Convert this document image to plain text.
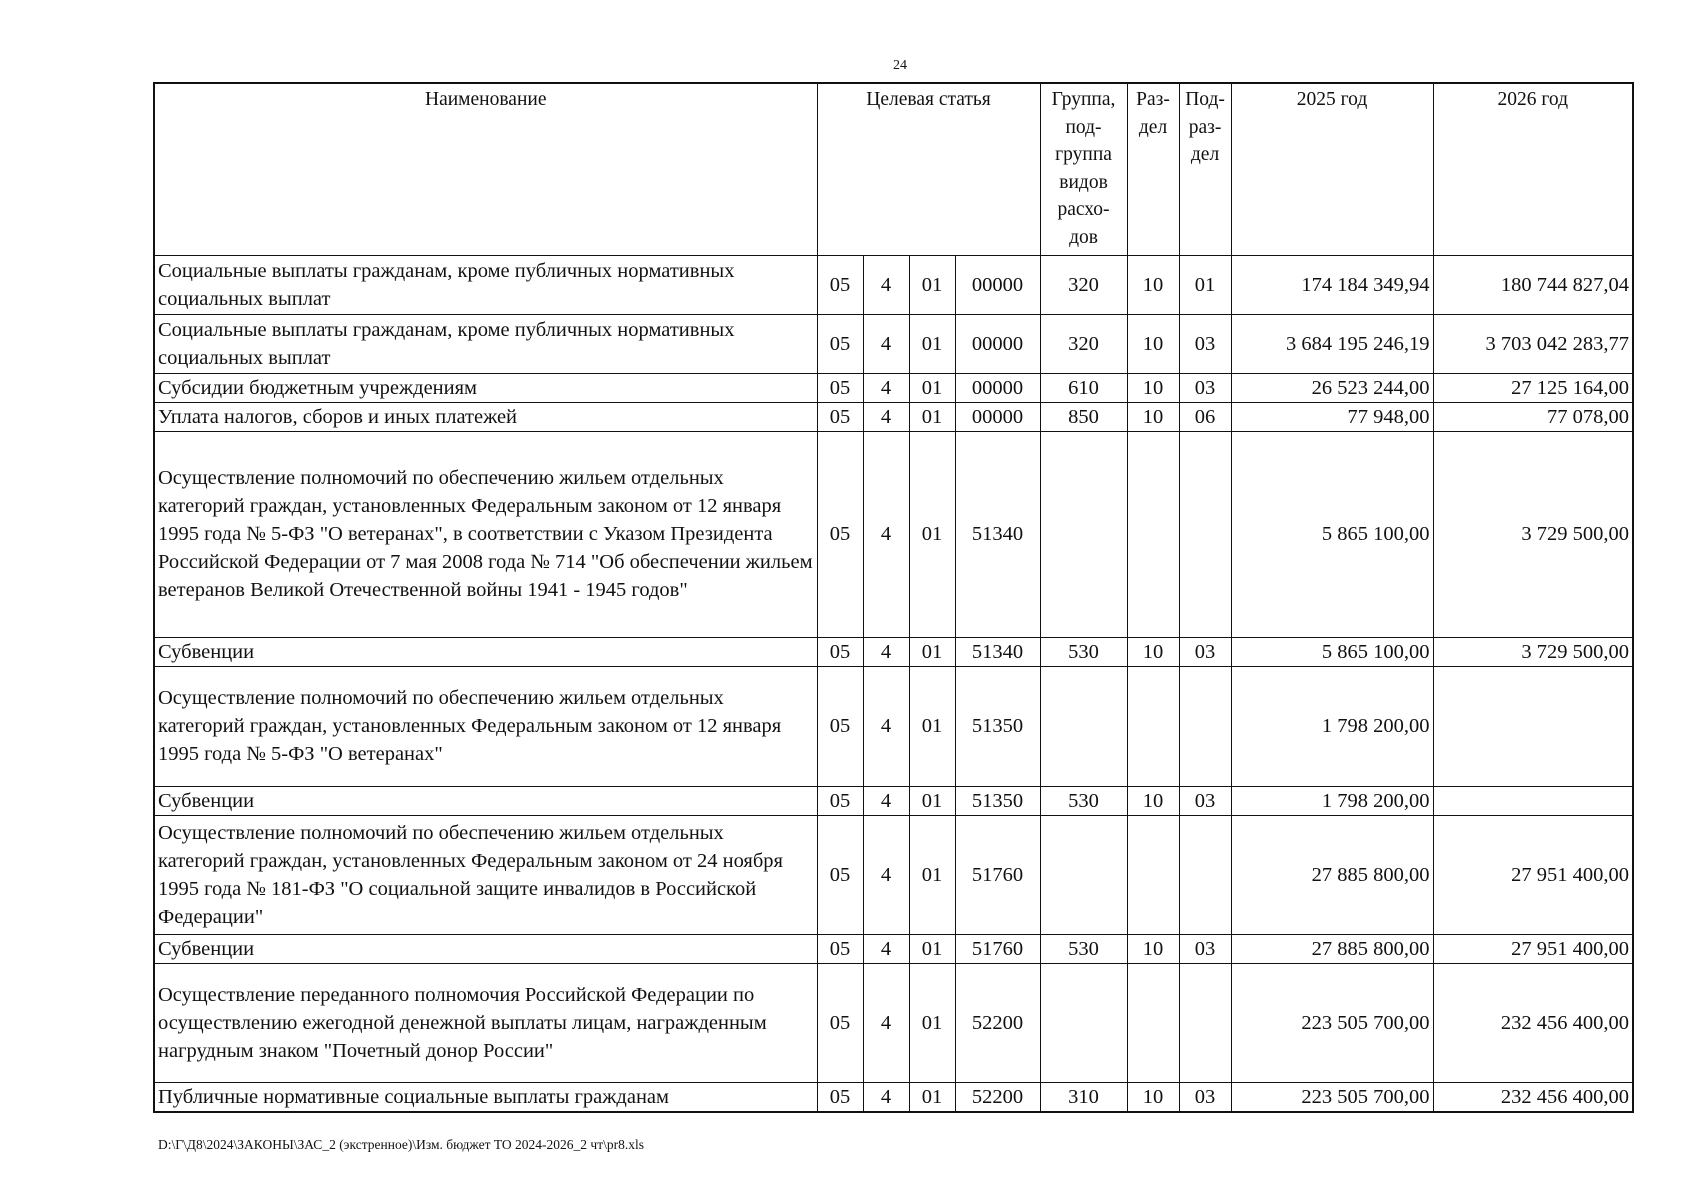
24
Наименование	Целевая статья				Группа, под-группа видов расхо-дов	Раз-дел	Под-раз-дел	2025 год	2026 год
Социальные выплаты гражданам, кроме публичных нормативных социальных выплат	05	4	01	00000	320	10	01	174 184 349,94	180 744 827,04
Социальные выплаты гражданам, кроме публичных нормативных социальных выплат	05	4	01	00000	320	10	03	3 684 195 246,19	3 703 042 283,77
Субсидии бюджетным учреждениям	05	4	01	00000	610	10	03	26 523 244,00	27 125 164,00
Уплата налогов, сборов и иных платежей	05	4	01	00000	850	10	06	77 948,00	77 078,00
Осуществление полномочий по обеспечению жильем отдельных категорий граждан, установленных Федеральным законом от 12 января 1995 года № 5-ФЗ "О ветеранах", в соответствии с Указом Президента Российской Федерации от 7 мая 2008 года № 714 "Об обеспечении жильем ветеранов Великой Отечественной войны 1941 - 1945 годов"	05	4	01	51340				5 865 100,00	3 729 500,00
Субвенции	05	4	01	51340	530	10	03	5 865 100,00	3 729 500,00
Осуществление полномочий по обеспечению жильем отдельных категорий граждан, установленных Федеральным законом от 12 января 1995 года № 5-ФЗ "О ветеранах"	05	4	01	51350				1 798 200,00	
Субвенции	05	4	01	51350	530	10	03	1 798 200,00	
Осуществление полномочий по обеспечению жильем отдельных категорий граждан, установленных Федеральным законом от 24 ноября 1995 года № 181-ФЗ "О социальной защите инвалидов в Российской Федерации"	05	4	01	51760				27 885 800,00	27 951 400,00
Субвенции	05	4	01	51760	530	10	03	27 885 800,00	27 951 400,00
Осуществление переданного полномочия Российской Федерации по осуществлению ежегодной денежной выплаты лицам, награжденным нагрудным знаком "Почетный донор России"	05	4	01	52200				223 505 700,00	232 456 400,00
Публичные нормативные социальные выплаты гражданам	05	4	01	52200	310	10	03	223 505 700,00	232 456 400,00
D:\Г\Д8\2024\ЗАКОНЫ\ЗАС_2 (экстренное)\Изм. бюджет ТО 2024-2026_2 чт\pr8.xls
